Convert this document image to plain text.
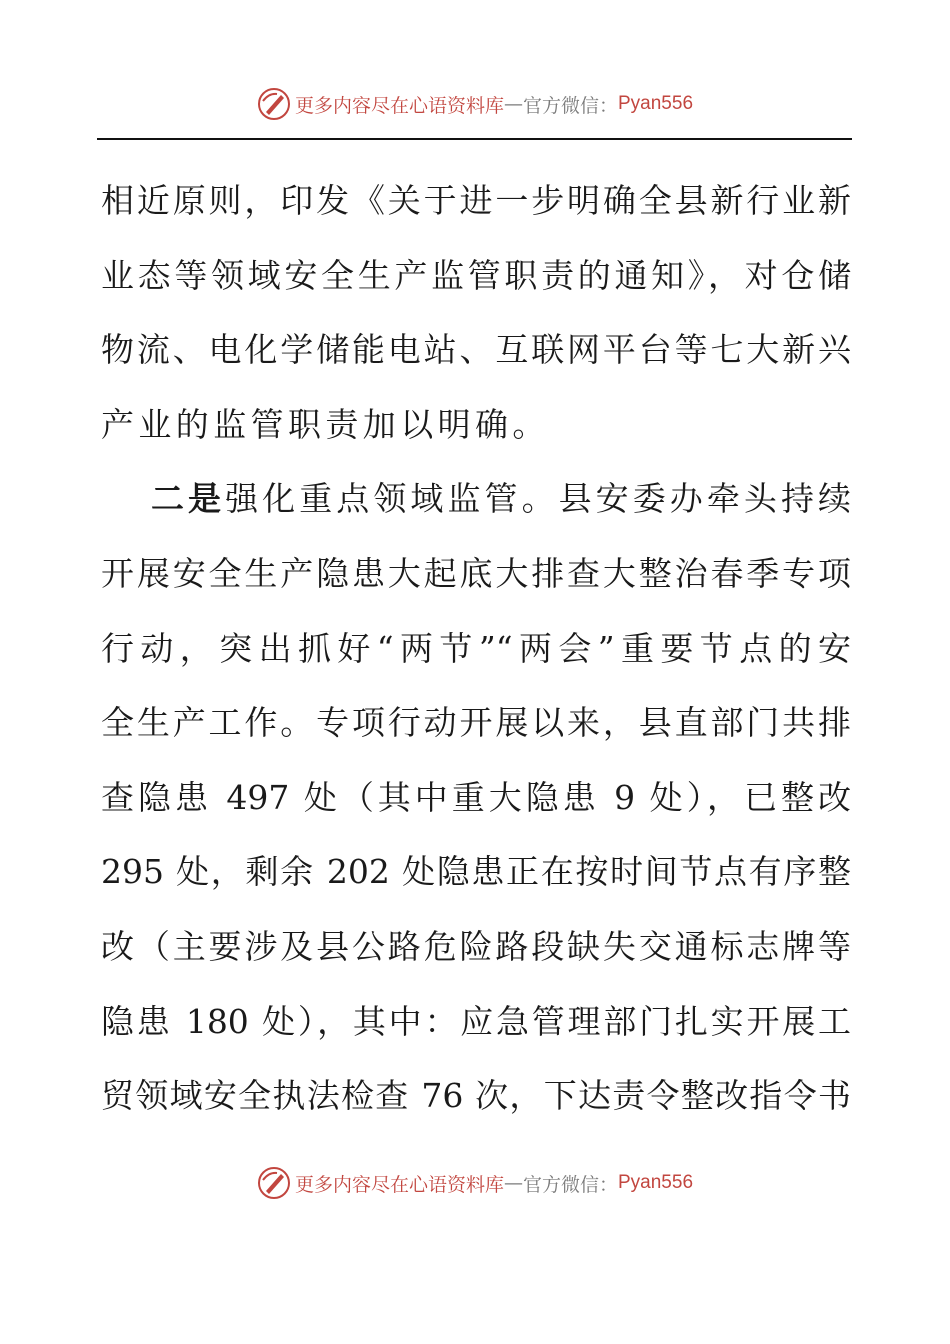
更多内容尽在心语资料库 — 官方微信： Pyan556
相近原则，印发《关于进一步明确全县新行业新
业态等领域安全生产监管职责的通知》，对仓储
物流、电化学储能电站、互联网平台等七大新兴
产业的监管职责加以明确。
二是强化重点领域监管。县安委办牵头持续
开展安全生产隐患大起底大排查大整治春季专项
行动，突出抓好“两节”“两会”重要节点的安
全生产工作。专项行动开展以来，县直部门共排
查隐患 497 处（其中重大隐患 9 处），已整改
295 处，剩余 202 处隐患正在按时间节点有序整
改（主要涉及县公路危险路段缺失交通标志牌等
隐患 180 处），其中：应急管理部门扎实开展工
贸领域安全执法检查 76 次，下达责令整改指令书
更多内容尽在心语资料库 — 官方微信： Pyan556
